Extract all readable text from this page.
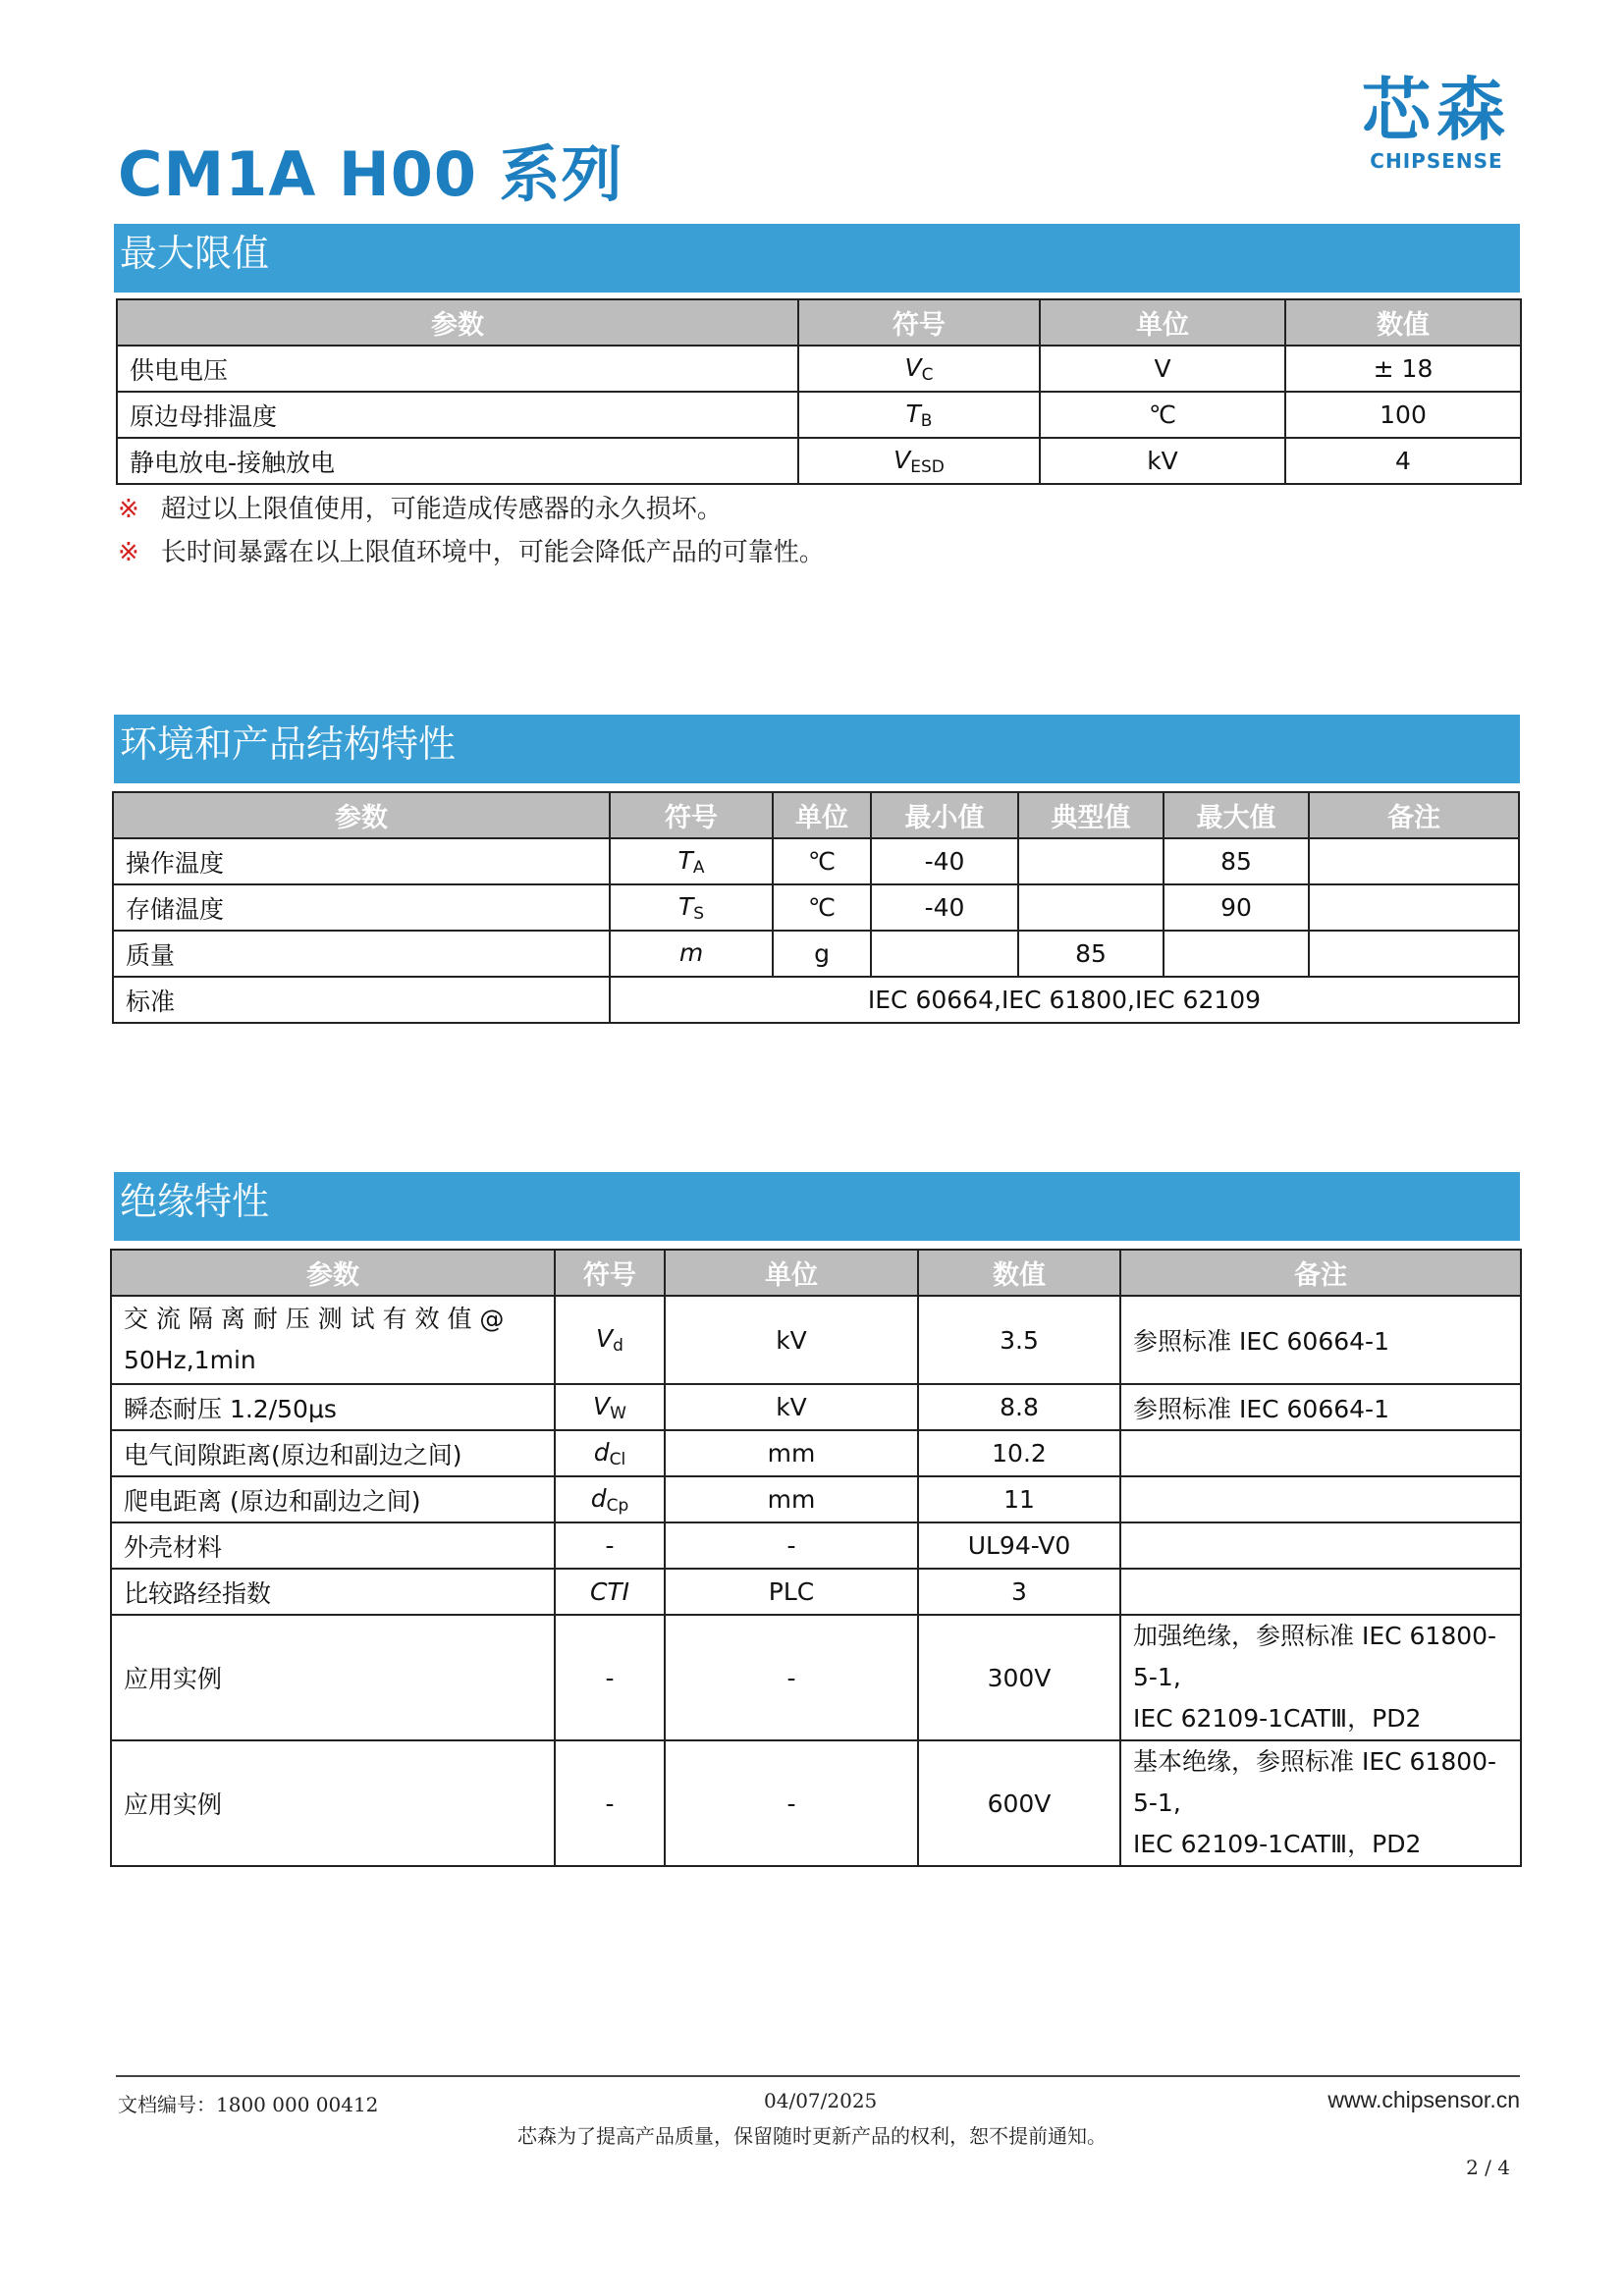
CM1A H00 系列
芯森
CHIPSENSE
最大限值
参数	符号	单位	数值
供电电压	$V_C$	V	± 18
原边母排温度	$T_B$	℃	100
静电放电-接触放电	$V_{ESD}$	kV	4
※ 超过以上限值使用，可能造成传感器的永久损坏。
※ 长时间暴露在以上限值环境中，可能会降低产品的可靠性。
环境和产品结构特性
参数	符号	单位	最小值	典型值	最大值	备注
操作温度	$T_A$	℃	-40		85	
存储温度	$T_S$	℃	-40		90	
质量	m	g		85		
标准	IEC 60664,IEC 61800,IEC 62109					
绝缘特性
参数	符号	单位	数值	备注

交 流 隔 离 耐 压 测 试 有 效 值 @
50Hz,1min	$V_d$	kV	3.5	参照标准 IEC 60664-1
瞬态耐压 1.2/50μs	$V_W$	kV	8.8	参照标准 IEC 60664-1
电气间隙距离(原边和副边之间)	$d_{Cl}$	mm	10.2	
爬电距离 (原边和副边之间)	$d_{Cp}$	mm	11	
外壳材料	-	-	UL94-V0	
比较路经指数	CTI	PLC	3	
应用实例	-	-	300V	加强绝缘，参照标准 IEC 61800-5-1,
IEC 62109-1CATⅢ，PD2

应用实例	-	-	600V	基本绝缘，参照标准 IEC 61800-5-1,
IEC 62109-1CATⅢ，PD2
文档编号：1800 000 00412	04/07/2025	www.chipsensor.cn
芯森为了提高产品质量，保留随时更新产品的权利，恕不提前通知。
2 / 4
